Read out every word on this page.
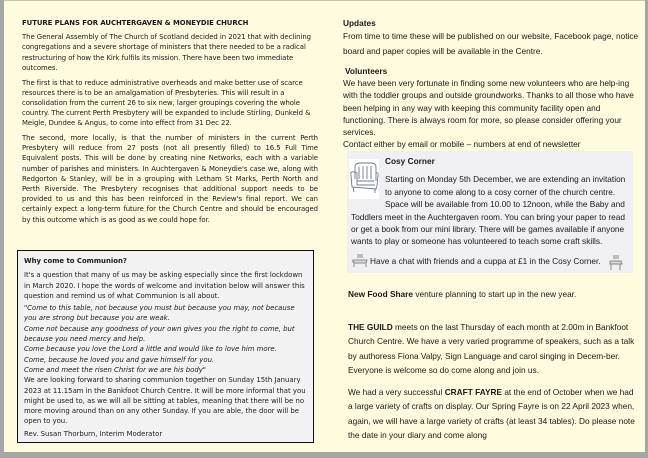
FUTURE PLANS FOR AUCHTERGAVEN & MONEYDIE CHURCH

The General Assembly of The Church of Scotland decided in 2021 that with declining congregations and a severe shortage of ministers that there needed to be a radical restructuring of how the Kirk fulfils its mission. There have been two immediate outcomes.

The first is that to reduce administrative overheads and make better use of scarce resources there is to be an amalgamation of Presbyteries. This will result in a consolidation from the current 26 to six new, larger groupings covering the whole country. The current Perth Presbytery will be expanded to include Stirling, Dunkeld & Meigle, Dundee & Angus, to come into effect from 31 Dec 22.

The second, more locally, is that the number of ministers in the current Perth Presbytery will reduce from 27 posts (not all presently filled) to 16.5 Full Time Equivalent posts. This will be done by creating nine Networks, each with a variable number of parishes and ministers. In Auchtergaven & Moneydie's case we, along with Redgorton & Stanley, will be in a grouping with Letham St Marks, Perth North and Perth Riverside. The Presbytery recognises that additional support needs to be provided to us and this has been reinforced in the Review's final report. We can certainly expect a long-term future for the Church Centre and should be encouraged by this outcome which is as good as we could hope for.

Why come to Communion?

It's a question that many of us may be asking especially since the first lockdown in March 2020. I hope the words of welcome and invitation below will answer this question and remind us of what Communion is all about.

"Come to this table, not because you must but because you may, not because you are strong but because you are weak.

Come not because any goodness of your own gives you the right to come, but because you need mercy and help.

Come because you love the Lord a little and would like to love him more.

Come, because he loved you and gave himself for you.

Come and meet the risen Christ for we are his body"

We are looking forward to sharing communion together on Sunday 15th January 2023 at 11.15am in the Bankfoot Church Centre. It will be more informal that you might be used to, as we will all be sitting at tables, meaning that there will be no more moving around than on any other Sunday. If you are able, the door will be open to you.

Rev. Susan Thorburn, Interim Moderator

Updates
From time to time these will be published on our website, Facebook page, notice board and paper copies will be available in the Centre.
Volunteers
We have been very fortunate in finding some new volunteers who are help-ing with the toddler groups and outside groundworks. Thanks to all those who have been helping in any way with keeping this community facility open and functioning. There is always room for more, so please consider offering your services.
Contact either by email or mobile – numbers at end of newsletter
Cosy Corner
Starting on Monday 5th December, we are extending an invitation to anyone to come along to a cosy corner of the church centre. Space will be available from 10.00 to 12noon, while the Baby and
Toddlers meet in the Auchtergaven room. You can bring your paper to read or get a book from our mini library. There will be games available if anyone wants to play or someone has volunteered to teach some craft skills.
Have a chat with friends and a cuppa at £1 in the Cosy Corner.
New Food Share venture planning to start up in the new year.
THE GUILD meets on the last Thursday of each month at 2.00m in Bankfoot Church Centre. We have a very varied programme of speakers, such as a talk by authoress Fiona Valpy, Sign Language and carol singing in Decem-ber. Everyone is welcome so do come along and join us.
We had a very successful CRAFT FAYRE at the end of October when we had a large variety of crafts on display. Our Spring Fayre is on 22 April 2023 when, again, we will have a large variety of crafts (at least 34 tables). Do please note the date in your diary and come along
